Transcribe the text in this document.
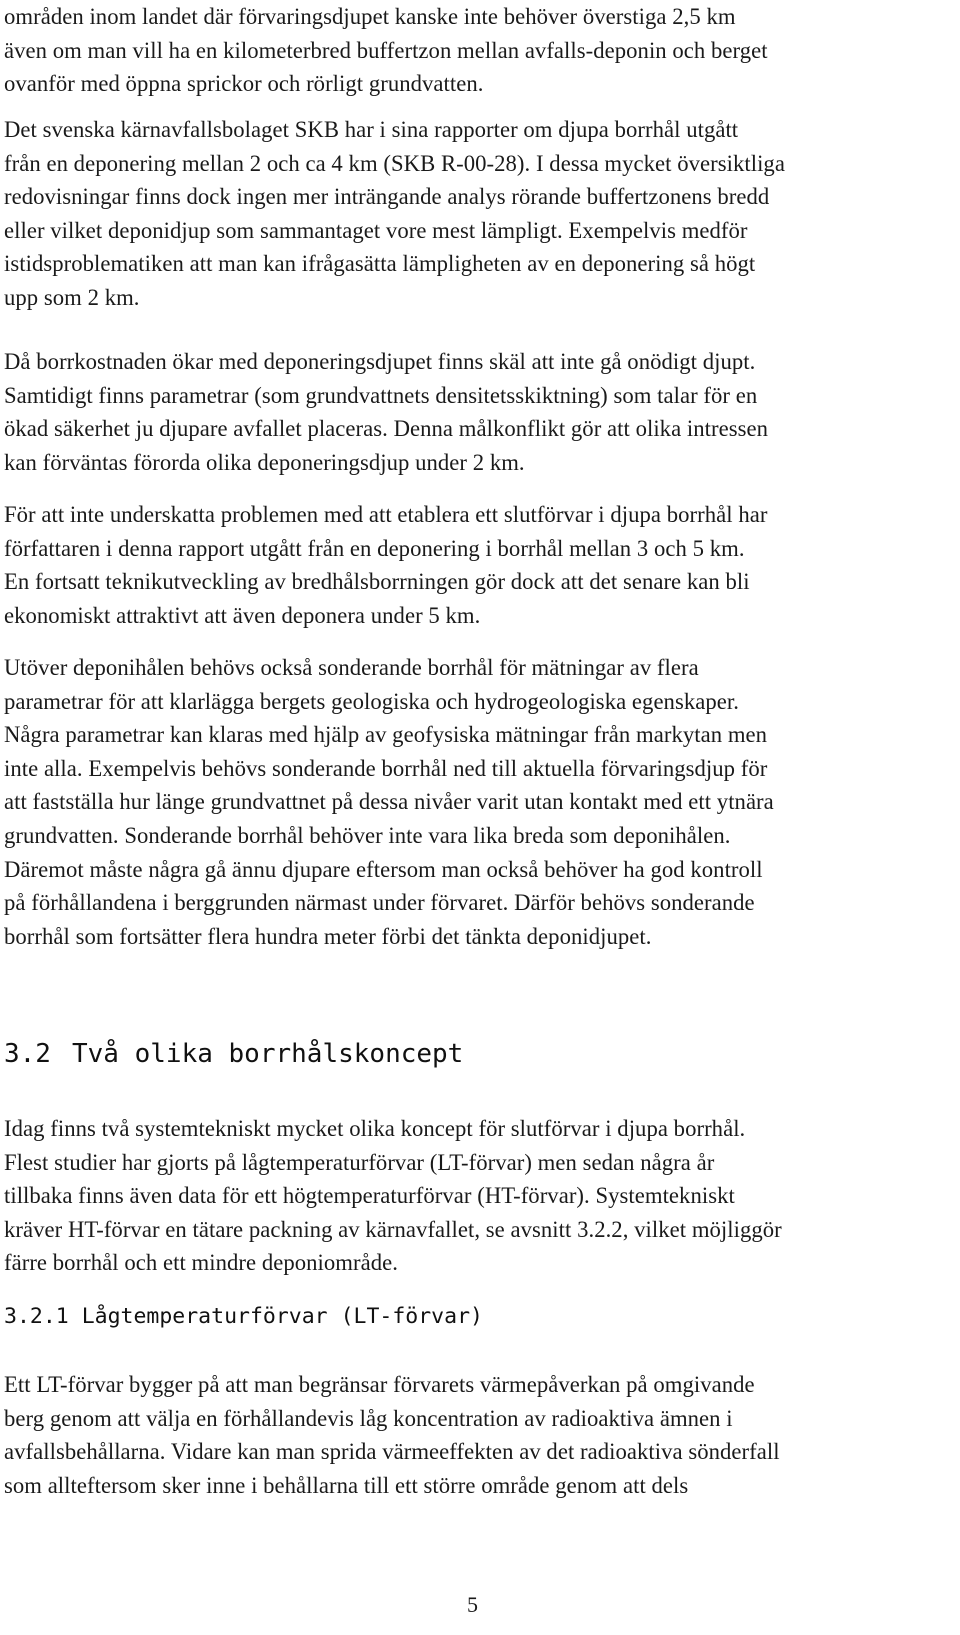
områden inom landet där förvaringsdjupet kanske inte behöver överstiga 2,5 km
även om man vill ha en kilometerbred buffertzon mellan avfalls-deponin och berget
ovanför med öppna sprickor och rörligt grundvatten.

Det svenska kärnavfallsbolaget SKB har i sina rapporter om djupa borrhål utgått
från en deponering mellan 2 och ca 4 km (SKB R-00-28). I dessa mycket översiktliga
redovisningar finns dock ingen mer inträngande analys rörande buffertzonens bredd
eller vilket deponidjup som sammantaget vore mest lämpligt. Exempelvis medför
istidsproblematiken att man kan ifrågasätta lämpligheten av en deponering så högt
upp som 2 km.

Då borrkostnaden ökar med deponeringsdjupet finns skäl att inte gå onödigt djupt.
Samtidigt finns parametrar (som grundvattnets densitetsskiktning) som talar för en
ökad säkerhet ju djupare avfallet placeras. Denna målkonflikt gör att olika intressen
kan förväntas förorda olika deponeringsdjup under 2 km.

För att inte underskatta problemen med att etablera ett slutförvar i djupa borrhål har
författaren i denna rapport utgått från en deponering i borrhål mellan 3 och 5 km.
En fortsatt teknikutveckling av bredhålsborrningen gör dock att det senare kan bli
ekonomiskt attraktivt att även deponera under 5 km.

Utöver deponihålen behövs också sonderande borrhål för mätningar av flera
parametrar för att klarlägga bergets geologiska och hydrogeologiska egenskaper.
Några parametrar kan klaras med hjälp av geofysiska mätningar från markytan men
inte alla. Exempelvis behövs sonderande borrhål ned till aktuella förvaringsdjup för
att fastställa hur länge grundvattnet på dessa nivåer varit utan kontakt med ett ytnära
grundvatten. Sonderande borrhål behöver inte vara lika breda som deponihålen.
Däremot måste några gå ännu djupare eftersom man också behöver ha god kontroll
på förhållandena i berggrunden närmast under förvaret. Därför behövs sonderande
borrhål som fortsätter flera hundra meter förbi det tänkta deponidjupet.

3.2 Två olika borrhålskoncept

Idag finns två systemtekniskt mycket olika koncept för slutförvar i djupa borrhål.
Flest studier har gjorts på lågtemperaturförvar (LT-förvar) men sedan några år
tillbaka finns även data för ett högtemperaturförvar (HT-förvar). Systemtekniskt
kräver HT-förvar en tätare packning av kärnavfallet, se avsnitt 3.2.2, vilket möjliggör
färre borrhål och ett mindre deponiområde.

3.2.1 Lågtemperaturförvar (LT-förvar)

Ett LT-förvar bygger på att man begränsar förvarets värmepåverkan på omgivande
berg genom att välja en förhållandevis låg koncentration av radioaktiva ämnen i
avfallsbehållarna. Vidare kan man sprida värmeeffekten av det radioaktiva sönderfall
som allteftersom sker inne i behållarna till ett större område genom att dels

5
